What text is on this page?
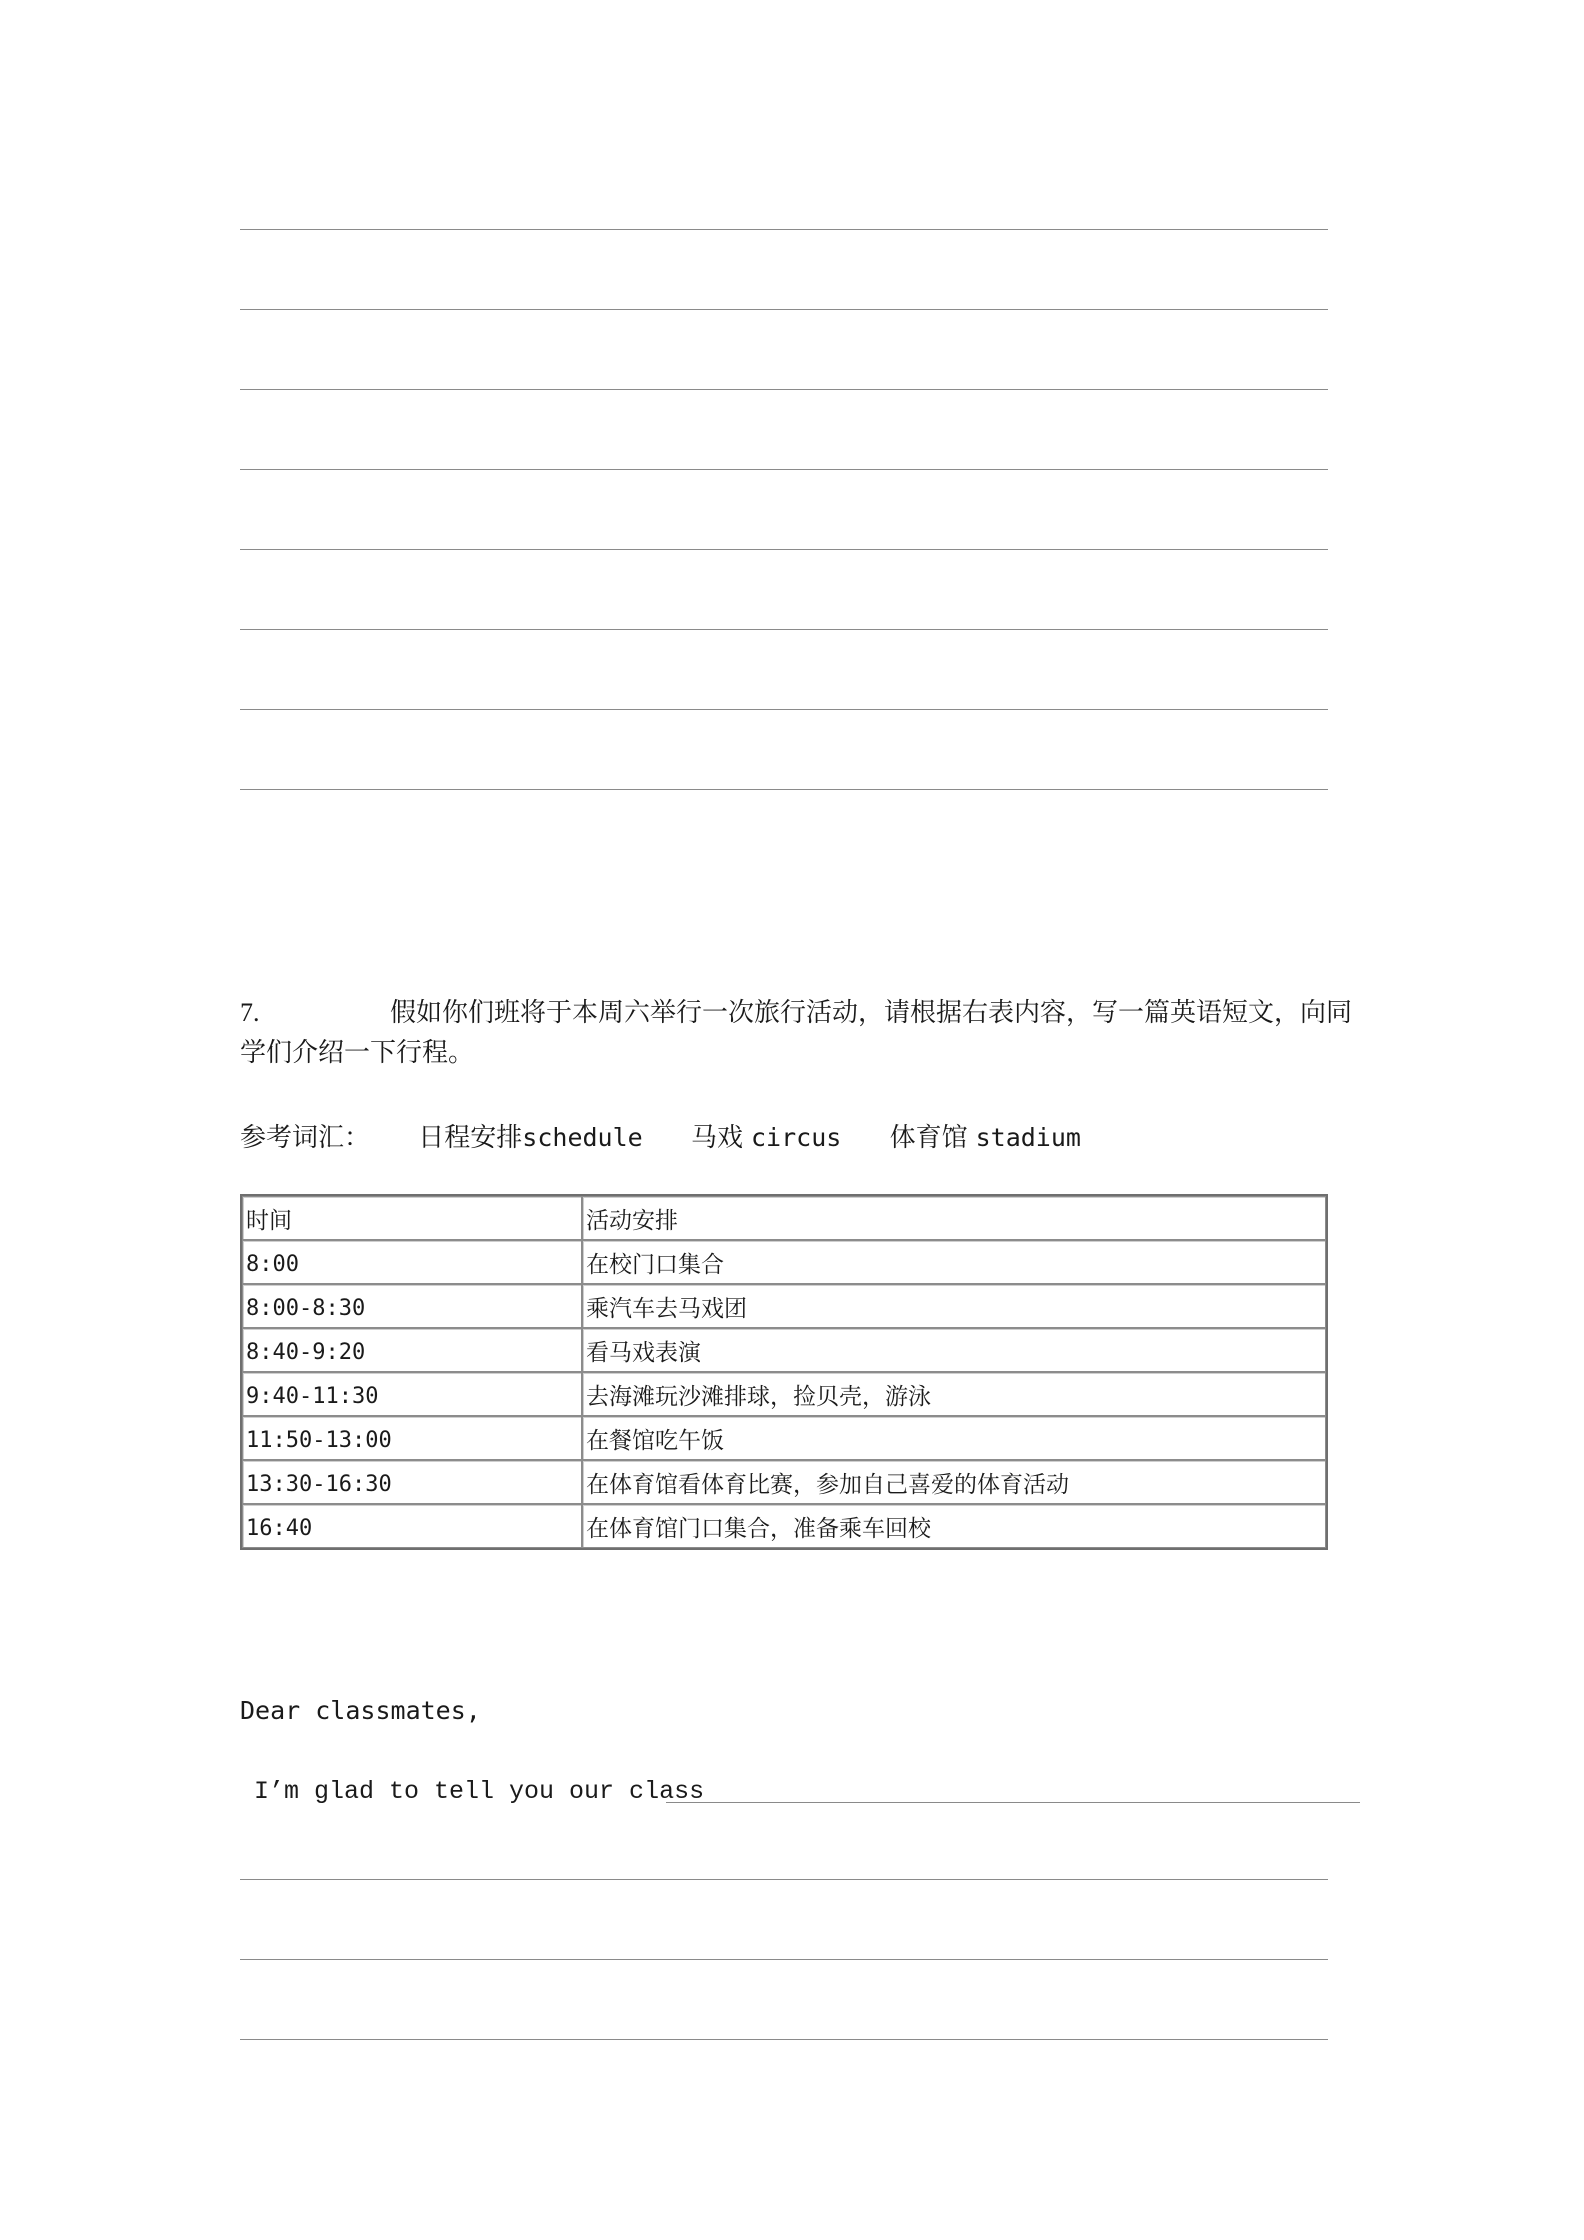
7.	假如你们班将于本周六举行一次旅行活动，请根据右表内容，写一篇英语短文，向同学们介绍一下行程。
参考词汇： 日程安排schedule 马戏 circus 体育馆 stadium
时间	活动安排
8:00	在校门口集合
8:00-8:30	乘汽车去马戏团
8:40-9:20	看马戏表演
9:40-11:30	去海滩玩沙滩排球，捡贝壳，游泳
11:50-13:00	在餐馆吃午饭
13:30-16:30	在体育馆看体育比赛，参加自己喜爱的体育活动
16:40	在体育馆门口集合，准备乘车回校
Dear classmates,
I’m glad to tell you our class
